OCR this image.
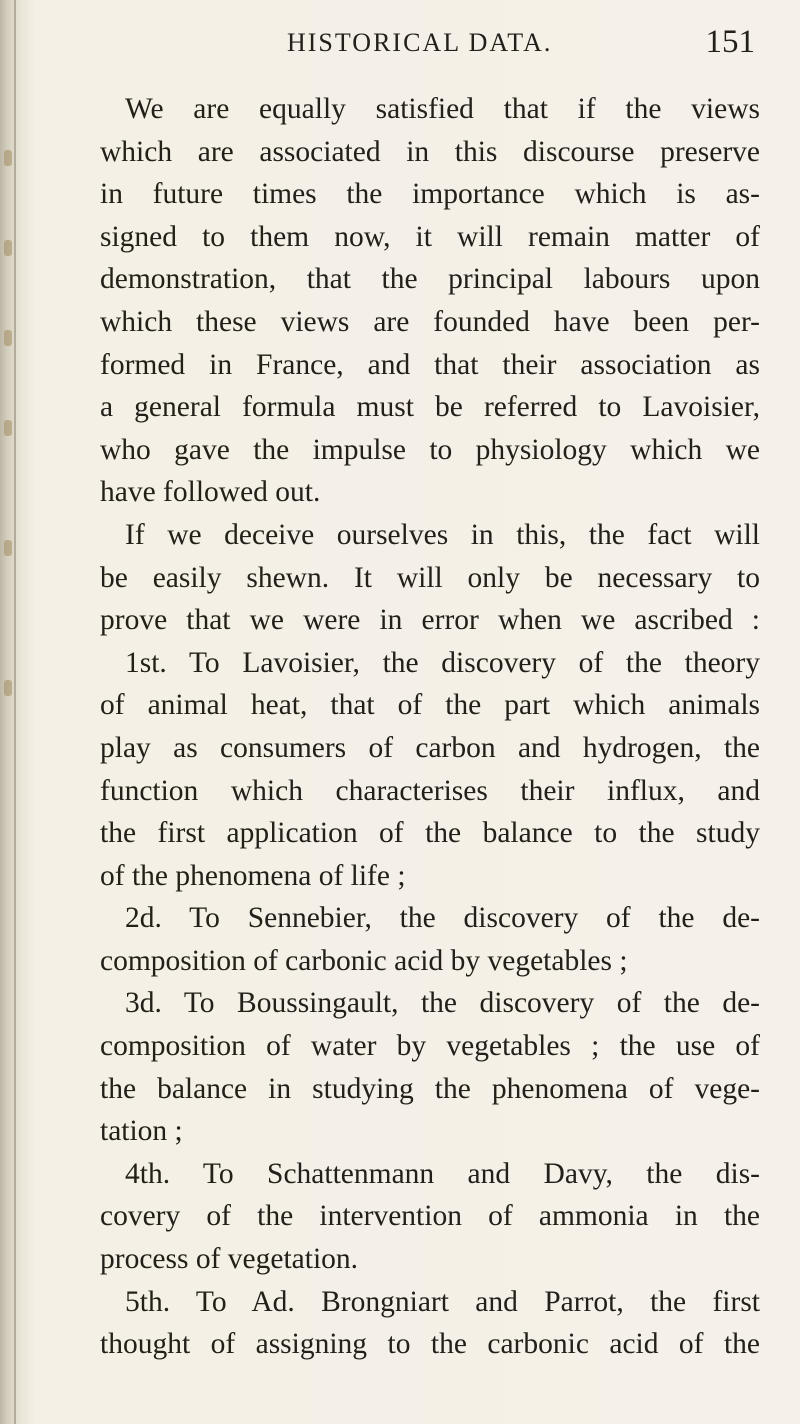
HISTORICAL DATA.	151
We are equally satisfied that if the views
which are associated in this discourse preserve
in future times the importance which is as-
signed to them now, it will remain matter of
demonstration, that the principal labours upon
which these views are founded have been per-
formed in France, and that their association as
a general formula must be referred to Lavoisier,
who gave the impulse to physiology which we
have followed out.
If we deceive ourselves in this, the fact will
be easily shewn. It will only be necessary to
prove that we were in error when we ascribed :
1st. To Lavoisier, the discovery of the theory
of animal heat, that of the part which animals
play as consumers of carbon and hydrogen, the
function which characterises their influx, and
the first application of the balance to the study
of the phenomena of life ;
2d. To Sennebier, the discovery of the de-
composition of carbonic acid by vegetables ;
3d. To Boussingault, the discovery of the de-
composition of water by vegetables ; the use of
the balance in studying the phenomena of vege-
tation ;
4th. To Schattenmann and Davy, the dis-
covery of the intervention of ammonia in the
process of vegetation.
5th. To Ad. Brongniart and Parrot, the first
thought of assigning to the carbonic acid of the
